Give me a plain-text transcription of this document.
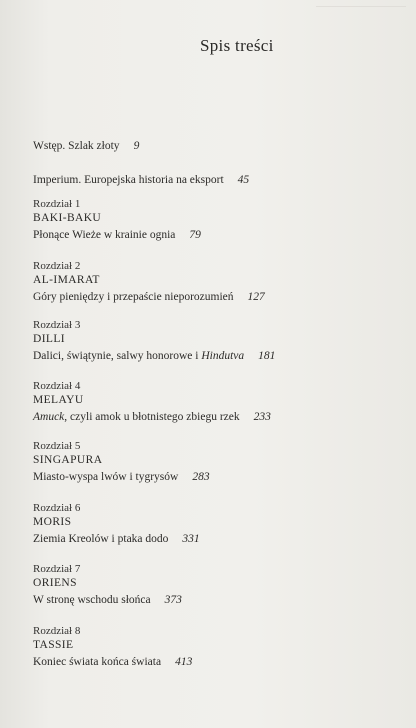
Spis treści
Wstęp. Szlak złoty 9
Imperium. Europejska historia na eksport 45
Rozdział 1
BAKI-BAKU
Płonące Wieże w krainie ognia 79
Rozdział 2
AL-IMARAT
Góry pieniędzy i przepaście nieporozumień 127
Rozdział 3
DILLI
Dalici, świątynie, salwy honorowe i Hindutva 181
Rozdział 4
MELAYU
Amuck, czyli amok u błotnistego zbiegu rzek 233
Rozdział 5
SINGAPURA
Miasto-wyspa lwów i tygrysów 283
Rozdział 6
MORIS
Ziemia Kreolów i ptaka dodo 331
Rozdział 7
ORIENS
W stronę wschodu słońca 373
Rozdział 8
TASSIE
Koniec świata końca świata 413
